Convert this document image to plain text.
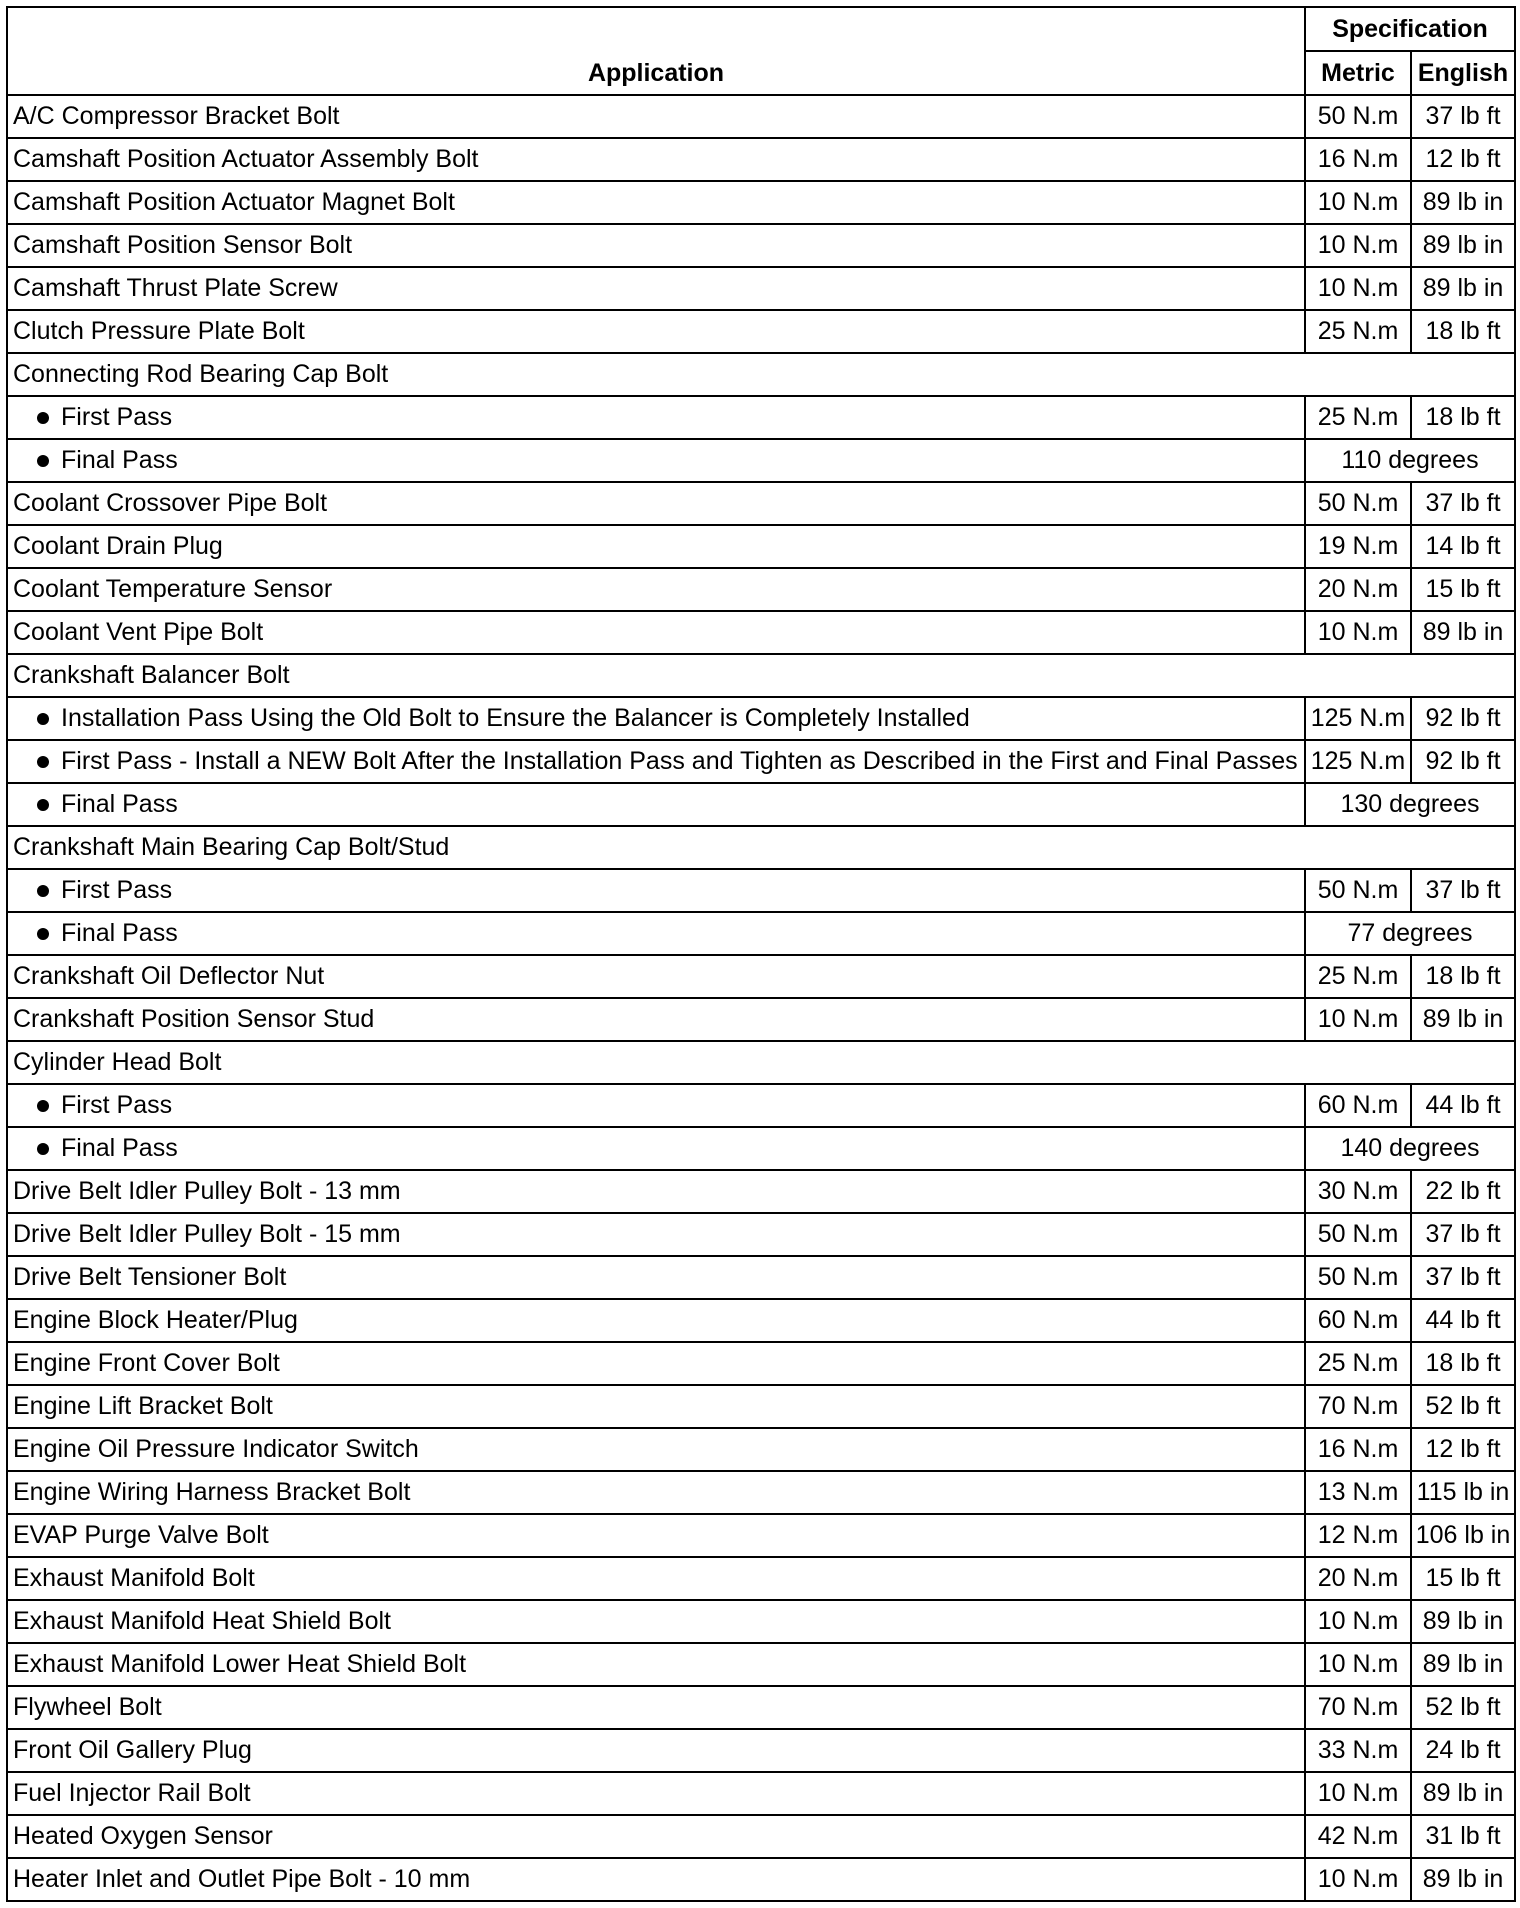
Application	Specification	
	Metric	English
A/C Compressor Bracket Bolt	50 N.m	37 lb ft
Camshaft Position Actuator Assembly Bolt	16 N.m	12 lb ft
Camshaft Position Actuator Magnet Bolt	10 N.m	89 lb in
Camshaft Position Sensor Bolt	10 N.m	89 lb in
Camshaft Thrust Plate Screw	10 N.m	89 lb in
Clutch Pressure Plate Bolt	25 N.m	18 lb ft
Connecting Rod Bearing Cap Bolt		
First Pass	25 N.m	18 lb ft
Final Pass	110 degrees	
Coolant Crossover Pipe Bolt	50 N.m	37 lb ft
Coolant Drain Plug	19 N.m	14 lb ft
Coolant Temperature Sensor	20 N.m	15 lb ft
Coolant Vent Pipe Bolt	10 N.m	89 lb in
Crankshaft Balancer Bolt		
Installation Pass Using the Old Bolt to Ensure the Balancer is Completely Installed	125 N.m	92 lb ft
First Pass - Install a NEW Bolt After the Installation Pass and Tighten as Described in the First and Final Passes	125 N.m	92 lb ft
Final Pass	130 degrees	
Crankshaft Main Bearing Cap Bolt/Stud		
First Pass	50 N.m	37 lb ft
Final Pass	77 degrees	
Crankshaft Oil Deflector Nut	25 N.m	18 lb ft
Crankshaft Position Sensor Stud	10 N.m	89 lb in
Cylinder Head Bolt		
First Pass	60 N.m	44 lb ft
Final Pass	140 degrees	
Drive Belt Idler Pulley Bolt - 13 mm	30 N.m	22 lb ft
Drive Belt Idler Pulley Bolt - 15 mm	50 N.m	37 lb ft
Drive Belt Tensioner Bolt	50 N.m	37 lb ft
Engine Block Heater/Plug	60 N.m	44 lb ft
Engine Front Cover Bolt	25 N.m	18 lb ft
Engine Lift Bracket Bolt	70 N.m	52 lb ft
Engine Oil Pressure Indicator Switch	16 N.m	12 lb ft
Engine Wiring Harness Bracket Bolt	13 N.m	115 lb in
EVAP Purge Valve Bolt	12 N.m	106 lb in
Exhaust Manifold Bolt	20 N.m	15 lb ft
Exhaust Manifold Heat Shield Bolt	10 N.m	89 lb in
Exhaust Manifold Lower Heat Shield Bolt	10 N.m	89 lb in
Flywheel Bolt	70 N.m	52 lb ft
Front Oil Gallery Plug	33 N.m	24 lb ft
Fuel Injector Rail Bolt	10 N.m	89 lb in
Heated Oxygen Sensor	42 N.m	31 lb ft
Heater Inlet and Outlet Pipe Bolt - 10 mm	10 N.m	89 lb in
